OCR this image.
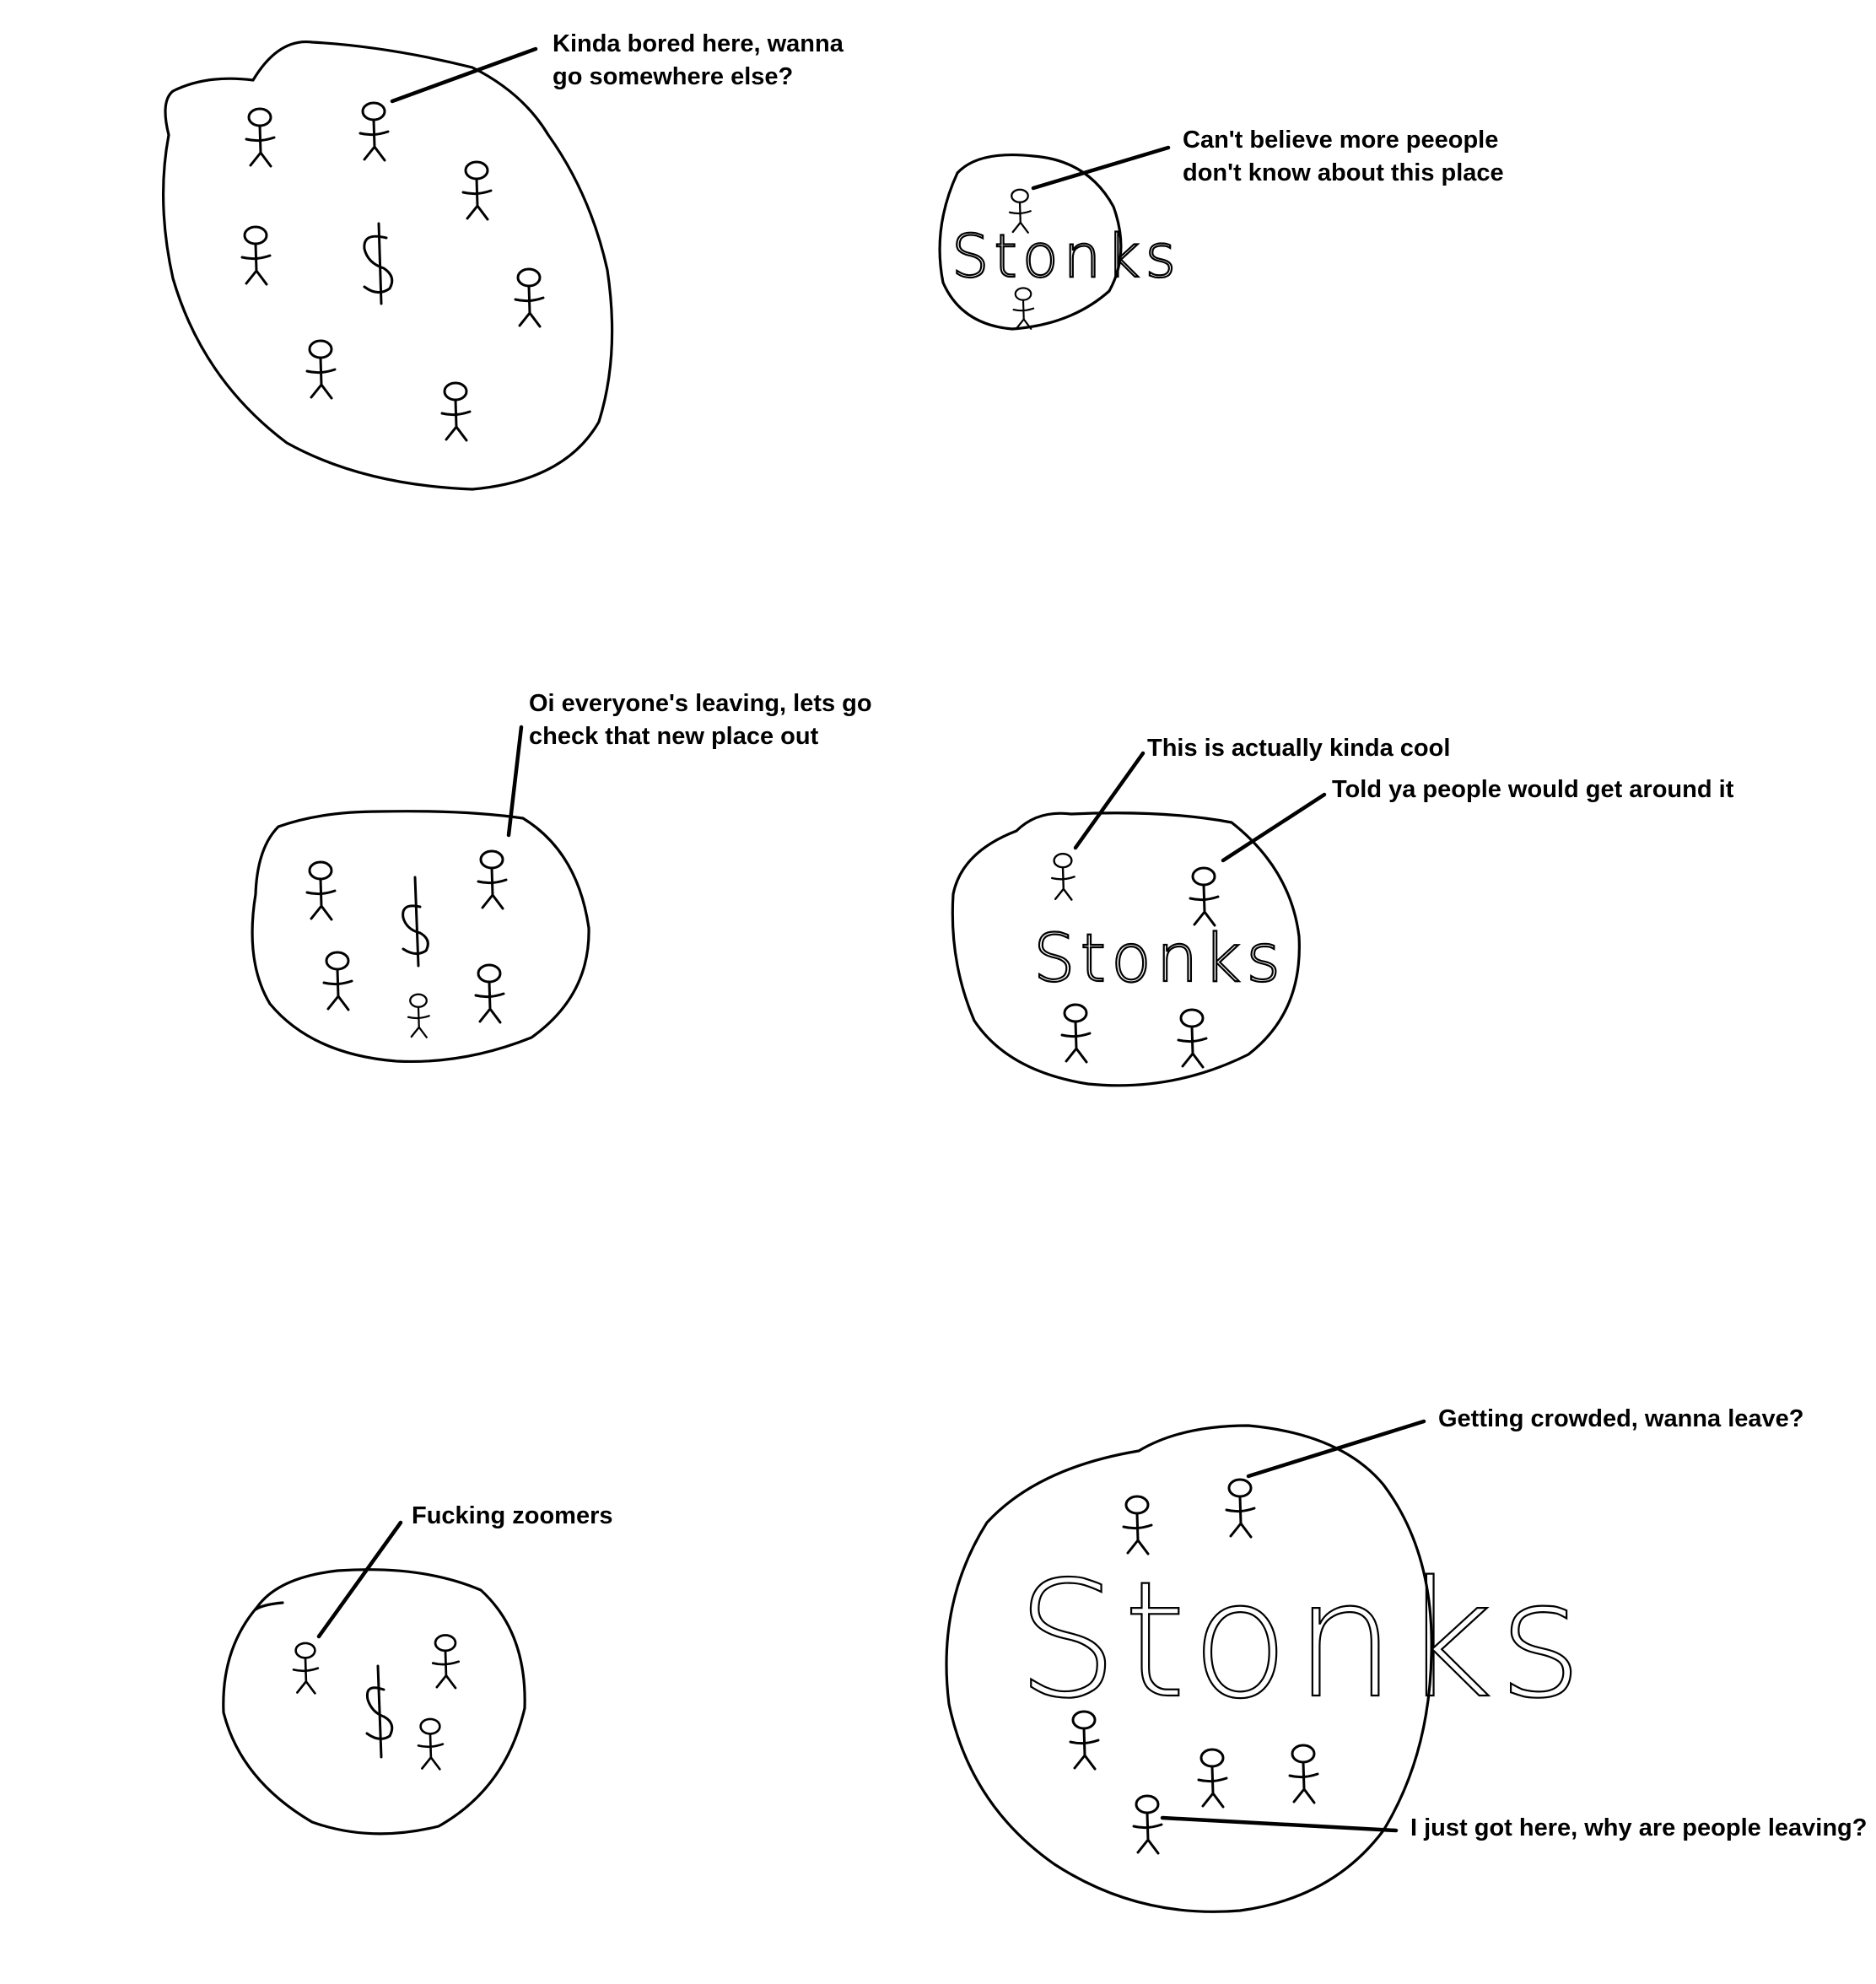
Stonks
Stonks
Stonks

Kinda bored here, wanna
go somewhere else?

Can't believe more peeople
don't know about this place

Oi everyone's leaving, lets go
check that new place out	This is actually kinda cool

Told ya people would get around it

Fucking zoomers

Getting crowded, wanna leave?

I just got here, why are people leaving?
